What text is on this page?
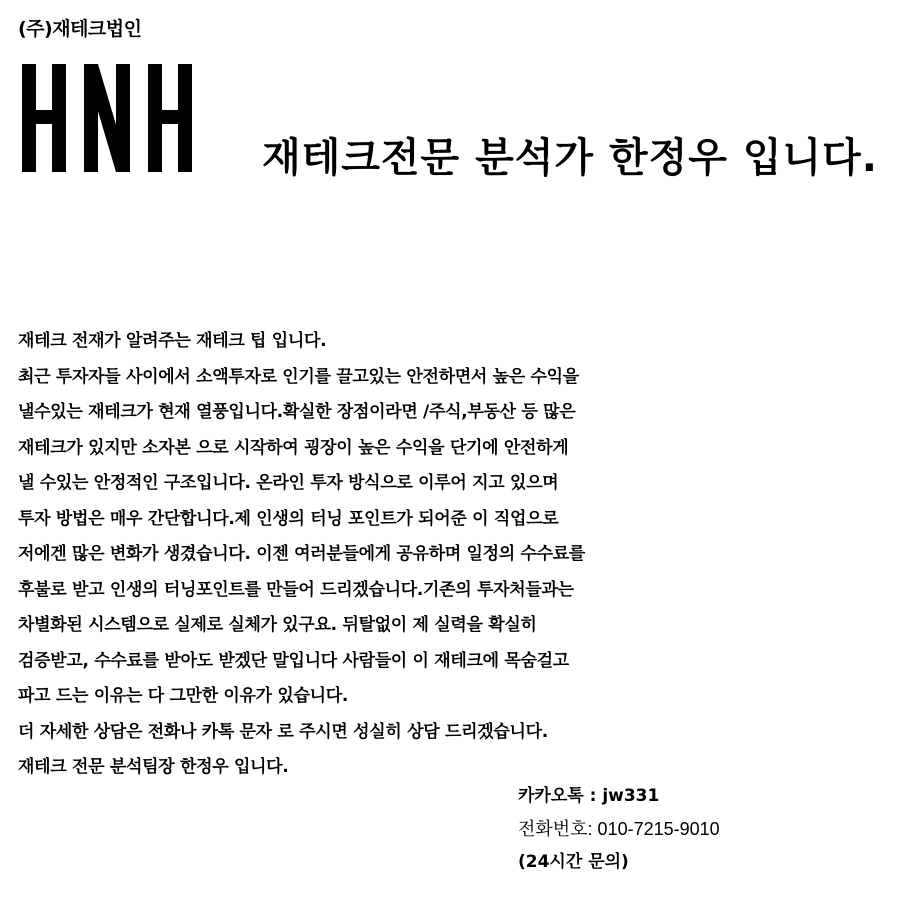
(주)재테크법인
재테크전문 분석가 한정우 입니다.
재테크 전재가 알려주는 재테크 팁 입니다.
최근 투자자들 사이에서 소액투자로 인기를 끌고있는 안전하면서 높은 수익을
낼수있는 재테크가 현재 열풍입니다.확실한 장점이라면 /주식,부동산 등 많은
재테크가 있지만 소자본 으로 시작하여 굉장이 높은 수익을 단기에 안전하게
낼 수있는 안정적인 구조입니다. 온라인 투자 방식으로 이루어 지고 있으며
투자 방법은 매우 간단합니다.제 인생의 터닝 포인트가 되어준 이 직업으로
저에겐 많은 변화가 생겼습니다. 이젠 여러분들에게 공유하며 일정의 수수료를
후불로 받고 인생의 터닝포인트를 만들어 드리겠습니다.기존의 투자처들과는
차별화된 시스템으로 실제로 실체가 있구요. 뒤탈없이 제 실력을 확실히
검증받고, 수수료를 받아도 받겠단 말입니다 사람들이 이 재테크에 목숨걸고
파고 드는 이유는 다 그만한 이유가 있습니다.
더 자세한 상담은 전화나 카톡 문자 로 주시면 성실히 상담 드리겠습니다.
재테크 전문 분석팀장 한정우 입니다.
카카오톡 : jw331
전화번호: 010-7215-9010
(24시간 문의)
